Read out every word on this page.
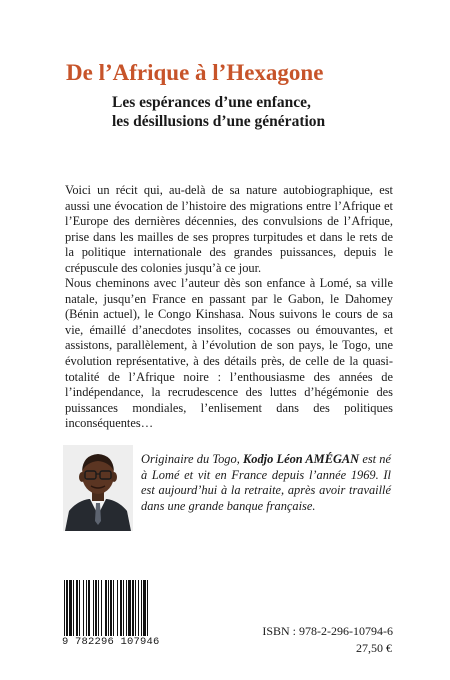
De l’Afrique à l’Hexagone
Les espérances d’une enfance,
les désillusions d’une génération

Voici un récit qui, au-delà de sa nature autobiographique, est aussi une évocation de l’histoire des migrations entre l’Afrique et l’Europe des dernières décennies, des convulsions de l’Afrique, prise dans les mailles de ses propres turpitudes et dans le rets de la politique internationale des grandes puissances, depuis le crépuscule des colonies jusqu’à ce jour.

Nous cheminons avec l’auteur dès son enfance à Lomé, sa ville natale, jusqu’en France en passant par le Gabon, le Dahomey (Bénin actuel), le Congo Kinshasa. Nous suivons le cours de sa vie, émaillé d’anecdotes insolites, cocasses ou émouvantes, et assistons, parallèlement, à l’évolution de son pays, le Togo, une évolution représentative, à des détails près, de celle de la quasi-totalité de l’Afrique noire : l’enthousiasme des années de l’indépendance, la recrudescence des luttes d’hégémonie des puissances mondiales, l’enlisement dans des politiques inconséquentes…

Originaire du Togo, Kodjo Léon AMÉGAN est né à Lomé et vit en France depuis l’année 1969. Il est aujourd’hui à la retraite, après avoir travaillé dans une grande banque française.
9 782296 107946
ISBN : 978-2-296-10794-6
27,50 €
